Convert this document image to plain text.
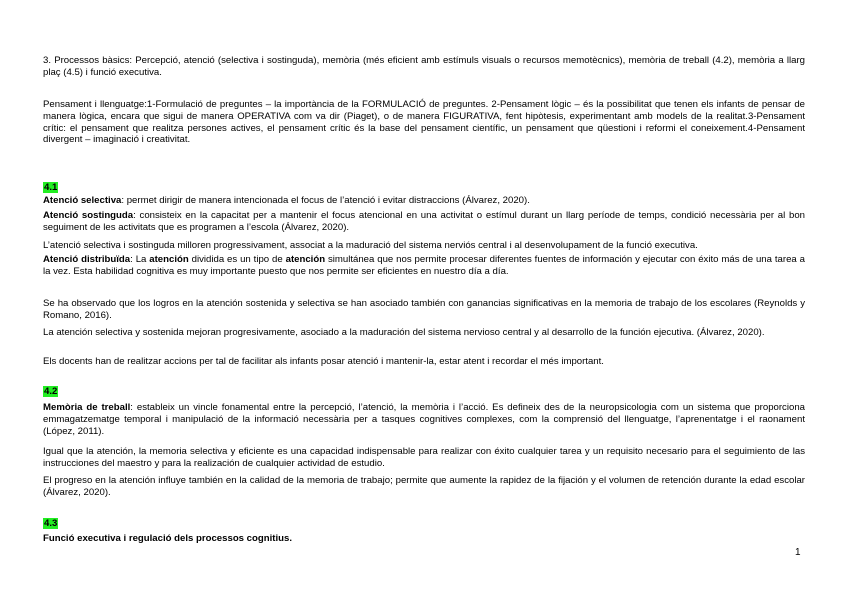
3. Processos bàsics: Percepció, atenció (selectiva i sostinguda), memòria (més eficient amb estímuls visuals o recursos memotècnics), memòria de treball (4.2), memòria a llarg plaç (4.5) i funció executiva.

Pensament i llenguatge:1-Formulació de preguntes – la importància de la FORMULACIÓ de preguntes. 2-Pensament lògic – és la possibilitat que tenen els infants de pensar de manera lògica, encara que sigui de manera OPERATIVA com va dir (Piaget), o de manera FIGURATIVA, fent hipòtesis, experimentant amb models de la realitat.3-Pensament crític: el pensament que realitza persones actives, el pensament crític és la base del pensament científic, un pensament que qüestioni i reformi el coneixement.4-Pensament divergent – imaginació i creativitat.

4.1

Atenció selectiva: permet dirigir de manera intencionada el focus de l’atenció i evitar distraccions (Álvarez, 2020).

Atenció sostinguda: consisteix en la capacitat per a mantenir el focus atencional en una activitat o estímul durant un llarg període de temps, condició necessària per al bon seguiment de les activitats que es programen a l’escola (Álvarez, 2020).

L’atenció selectiva i sostinguda milloren progressivament, associat a la maduració del sistema nerviós central i al desenvolupament de la funció executiva.

Atenció distribuïda: La atención dividida es un tipo de atención simultánea que nos permite procesar diferentes fuentes de información y ejecutar con éxito más de una tarea a la vez. Esta habilidad cognitiva es muy importante puesto que nos permite ser eficientes en nuestro día a día.

Se ha observado que los logros en la atención sostenida y selectiva se han asociado también con ganancias significativas en la memoria de trabajo de los escolares (Reynolds y Romano, 2016).

La atención selectiva y sostenida mejoran progresivamente, asociado a la maduración del sistema nervioso central y al desarrollo de la función ejecutiva. (Álvarez, 2020).

Els docents han de realitzar accions per tal de facilitar als infants posar atenció i mantenir-la, estar atent i recordar el més important.

4.2

Memòria de treball: estableix un vincle fonamental entre la percepció, l’atenció, la memòria i l’acció. Es defineix des de la neuropsicologia com un sistema que proporciona emmagatzematge temporal i manipulació de la informació necessària per a tasques cognitives complexes, com la comprensió del llenguatge, l’aprenentatge i el raonament (López, 2011).

Igual que la atención, la memoria selectiva y eficiente es una capacidad indispensable para realizar con éxito cualquier tarea y un requisito necesario para el seguimiento de las instrucciones del maestro y para la realización de cualquier actividad de estudio.

El progreso en la atención influye también en la calidad de la memoria de trabajo; permite que aumente la rapidez de la fijación y el volumen de retención durante la edad escolar (Álvarez, 2020).

4.3

Funció executiva i regulació dels processos cognitius.

1
